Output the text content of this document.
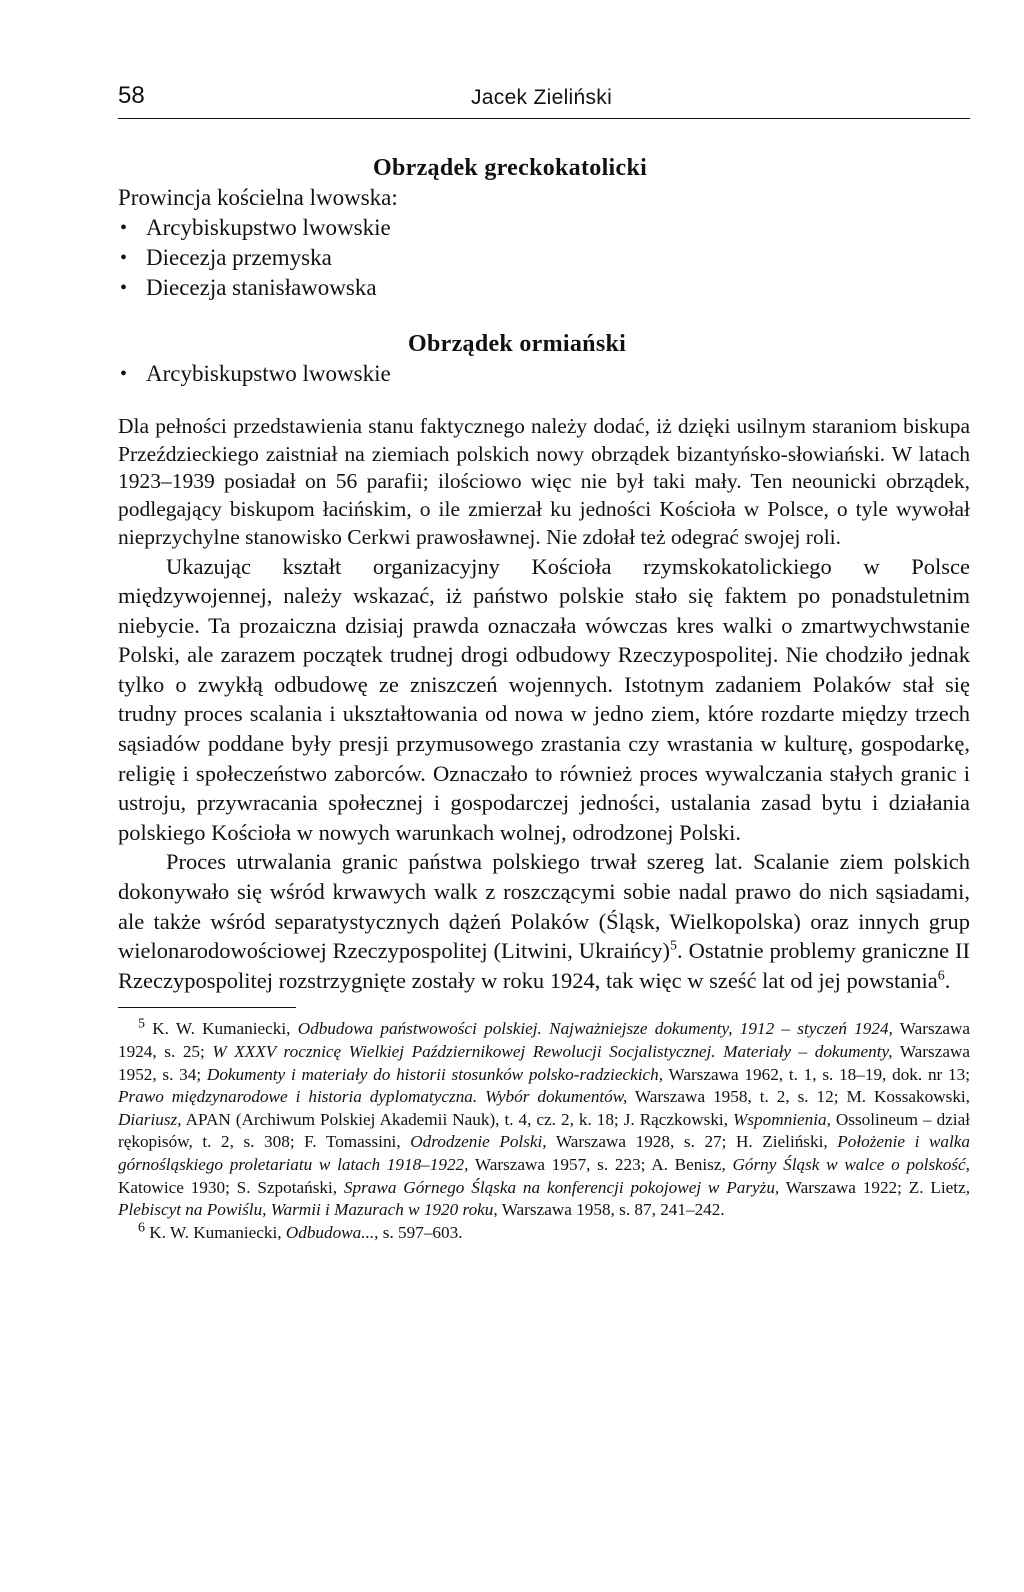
58	Jacek Zieliński
Obrządek greckokatolicki
Prowincja kościelna lwowska:
• Arcybiskupstwo lwowskie
• Diecezja przemyska
• Diecezja stanisławowska
Obrządek ormiański
• Arcybiskupstwo lwowskie

Dla pełności przedstawienia stanu faktycznego należy dodać, iż dzięki usilnym staraniom biskupa Przeździeckiego zaistniał na ziemiach polskich nowy obrządek bizantyńsko-słowiański. W latach 1923–1939 posiadał on 56 parafii; ilościowo więc nie był taki mały. Ten neounicki obrządek, podlegający biskupom łacińskim, o ile zmierzał ku jedności Kościoła w Polsce, o tyle wywołał nieprzychylne stanowisko Cerkwi prawosławnej. Nie zdołał też odegrać swojej roli.

Ukazując kształt organizacyjny Kościoła rzymskokatolickiego w Polsce międzywojennej, należy wskazać, iż państwo polskie stało się faktem po ponadstuletnim niebycie. Ta prozaiczna dzisiaj prawda oznaczała wówczas kres walki o zmartwychwstanie Polski, ale zarazem początek trudnej drogi odbudowy Rzeczypospolitej. Nie chodziło jednak tylko o zwykłą odbudowę ze zniszczeń wojennych. Istotnym zadaniem Polaków stał się trudny proces scalania i ukształtowania od nowa w jedno ziem, które rozdarte między trzech sąsiadów poddane były presji przymusowego zrastania czy wrastania w kulturę, gospodarkę, religię i społeczeństwo zaborców. Oznaczało to również proces wywalczania stałych granic i ustroju, przywracania społecznej i gospodarczej jedności, ustalania zasad bytu i działania polskiego Kościoła w nowych warunkach wolnej, odrodzonej Polski.

Proces utrwalania granic państwa polskiego trwał szereg lat. Scalanie ziem polskich dokonywało się wśród krwawych walk z roszczącymi sobie nadal prawo do nich sąsiadami, ale także wśród separatystycznych dążeń Polaków (Śląsk, Wielkopolska) oraz innych grup wielonarodowościowej Rzeczypospolitej (Litwini, Ukraińcy)$^5$. Ostatnie problemy graniczne II Rzeczypospolitej rozstrzygnięte zostały w roku 1924, tak więc w sześć lat od jej powstania$^6$.

$^5$ K. W. Kumaniecki, Odbudowa państwowości polskiej. Najważniejsze dokumenty, 1912 – styczeń 1924, Warszawa 1924, s. 25; W XXXV rocznicę Wielkiej Październikowej Rewolucji Socjalistycznej. Materiały – dokumenty, Warszawa 1952, s. 34; Dokumenty i materiały do historii stosunków polsko-radzieckich, Warszawa 1962, t. 1, s. 18–19, dok. nr 13; Prawo międzynarodowe i historia dyplomatyczna. Wybór dokumentów, Warszawa 1958, t. 2, s. 12; M. Kossakowski, Diariusz, APAN (Archiwum Polskiej Akademii Nauk), t. 4, cz. 2, k. 18; J. Rączkowski, Wspomnienia, Ossolineum – dział rękopisów, t. 2, s. 308; F. Tomassini, Odrodzenie Polski, Warszawa 1928, s. 27; H. Zieliński, Położenie i walka górnośląskiego proletariatu w latach 1918–1922, Warszawa 1957, s. 223; A. Benisz, Górny Śląsk w walce o polskość, Katowice 1930; S. Szpotański, Sprawa Górnego Śląska na konferencji pokojowej w Paryżu, Warszawa 1922; Z. Lietz, Plebiscyt na Powiślu, Warmii i Mazurach w 1920 roku, Warszawa 1958, s. 87, 241–242.

$^6$ K. W. Kumaniecki, Odbudowa..., s. 597–603.
